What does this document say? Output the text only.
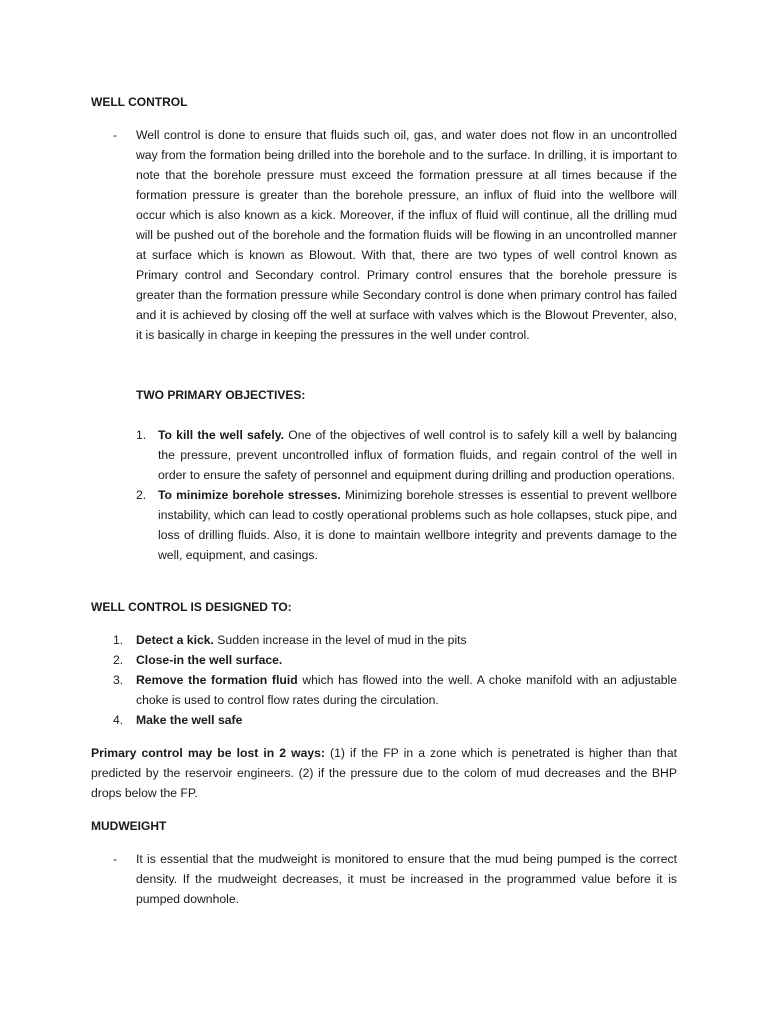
WELL CONTROL
- Well control is done to ensure that fluids such oil, gas, and water does not flow in an uncontrolled way from the formation being drilled into the borehole and to the surface. In drilling, it is important to note that the borehole pressure must exceed the formation pressure at all times because if the formation pressure is greater than the borehole pressure, an influx of fluid into the wellbore will occur which is also known as a kick. Moreover, if the influx of fluid will continue, all the drilling mud will be pushed out of the borehole and the formation fluids will be flowing in an uncontrolled manner at surface which is known as Blowout. With that, there are two types of well control known as Primary control and Secondary control. Primary control ensures that the borehole pressure is greater than the formation pressure while Secondary control is done when primary control has failed and it is achieved by closing off the well at surface with valves which is the Blowout Preventer, also, it is basically in charge in keeping the pressures in the well under control.
TWO PRIMARY OBJECTIVES:
1. To kill the well safely. One of the objectives of well control is to safely kill a well by balancing the pressure, prevent uncontrolled influx of formation fluids, and regain control of the well in order to ensure the safety of personnel and equipment during drilling and production operations.
2. To minimize borehole stresses. Minimizing borehole stresses is essential to prevent wellbore instability, which can lead to costly operational problems such as hole collapses, stuck pipe, and loss of drilling fluids. Also, it is done to maintain wellbore integrity and prevents damage to the well, equipment, and casings.
WELL CONTROL IS DESIGNED TO:
1. Detect a kick. Sudden increase in the level of mud in the pits
2. Close-in the well surface.
3. Remove the formation fluid which has flowed into the well. A choke manifold with an adjustable choke is used to control flow rates during the circulation.
4. Make the well safe
Primary control may be lost in 2 ways: (1) if the FP in a zone which is penetrated is higher than that predicted by the reservoir engineers. (2) if the pressure due to the colom of mud decreases and the BHP drops below the FP.
MUDWEIGHT
- It is essential that the mudweight is monitored to ensure that the mud being pumped is the correct density. If the mudweight decreases, it must be increased in the programmed value before it is pumped downhole.
